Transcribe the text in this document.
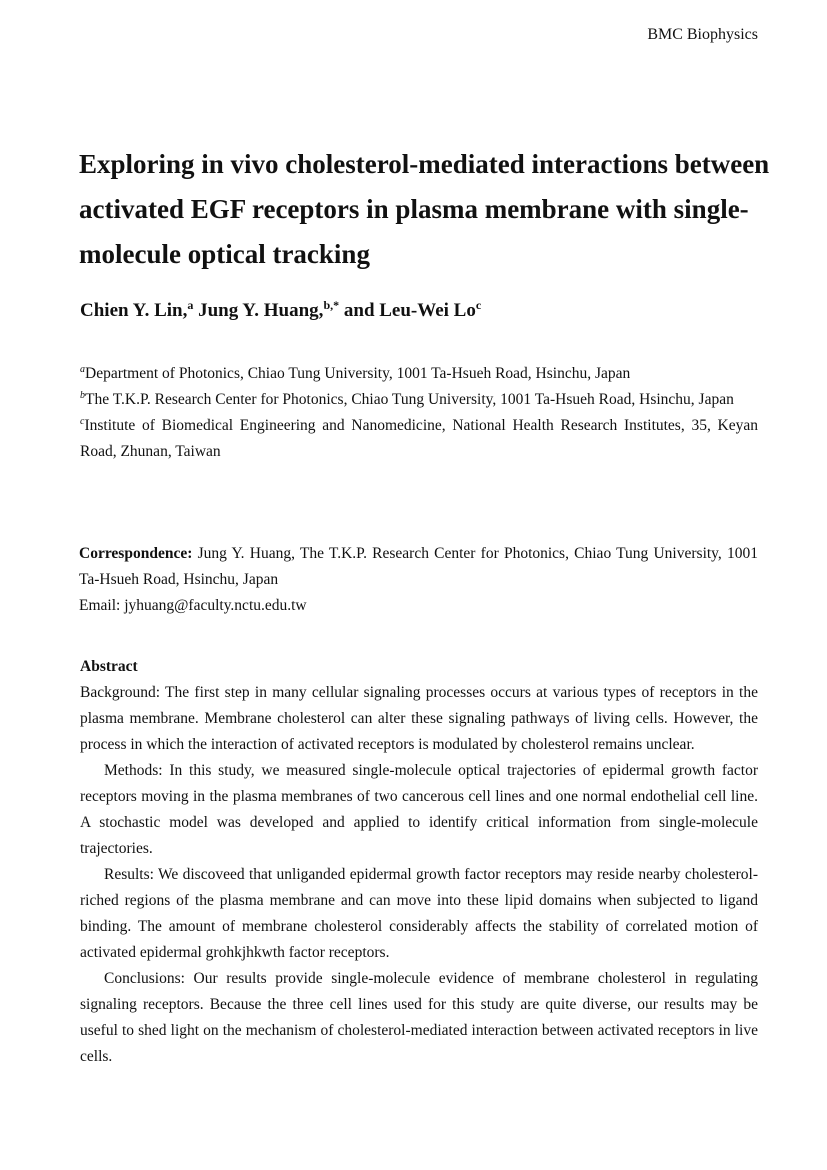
BMC Biophysics
Exploring in vivo cholesterol-mediated interactions between activated EGF receptors in plasma membrane with single-molecule optical tracking
Chien Y. Lin,$^a$ Jung Y. Huang,$^{b,*}$ and Leu-Wei Lo$^c$

$^a$Department of Photonics, Chiao Tung University, 1001 Ta-Hsueh Road, Hsinchu, Japan

$^b$The T.K.P. Research Center for Photonics, Chiao Tung University, 1001 Ta-Hsueh Road, Hsinchu, Japan

$^c$Institute of Biomedical Engineering and Nanomedicine, National Health Research Institutes, 35, Keyan Road, Zhunan, Taiwan

Correspondence: Jung Y. Huang, The T.K.P. Research Center for Photonics, Chiao Tung University, 1001 Ta-Hsueh Road, Hsinchu, Japan

Email: jyhuang@faculty.nctu.edu.tw

Abstract

Background: The first step in many cellular signaling processes occurs at various types of receptors in the plasma membrane. Membrane cholesterol can alter these signaling pathways of living cells. However, the process in which the interaction of activated receptors is modulated by cholesterol remains unclear.

Methods: In this study, we measured single-molecule optical trajectories of epidermal growth factor receptors moving in the plasma membranes of two cancerous cell lines and one normal endothelial cell line. A stochastic model was developed and applied to identify critical information from single-molecule trajectories.

Results: We discoveed that unliganded epidermal growth factor receptors may reside nearby cholesterol-riched regions of the plasma membrane and can move into these lipid domains when subjected to ligand binding. The amount of membrane cholesterol considerably affects the stability of correlated motion of activated epidermal grohkjhkwth factor receptors.

Conclusions: Our results provide single-molecule evidence of membrane cholesterol in regulating signaling receptors. Because the three cell lines used for this study are quite diverse, our results may be useful to shed light on the mechanism of cholesterol-mediated interaction between activated receptors in live cells.
